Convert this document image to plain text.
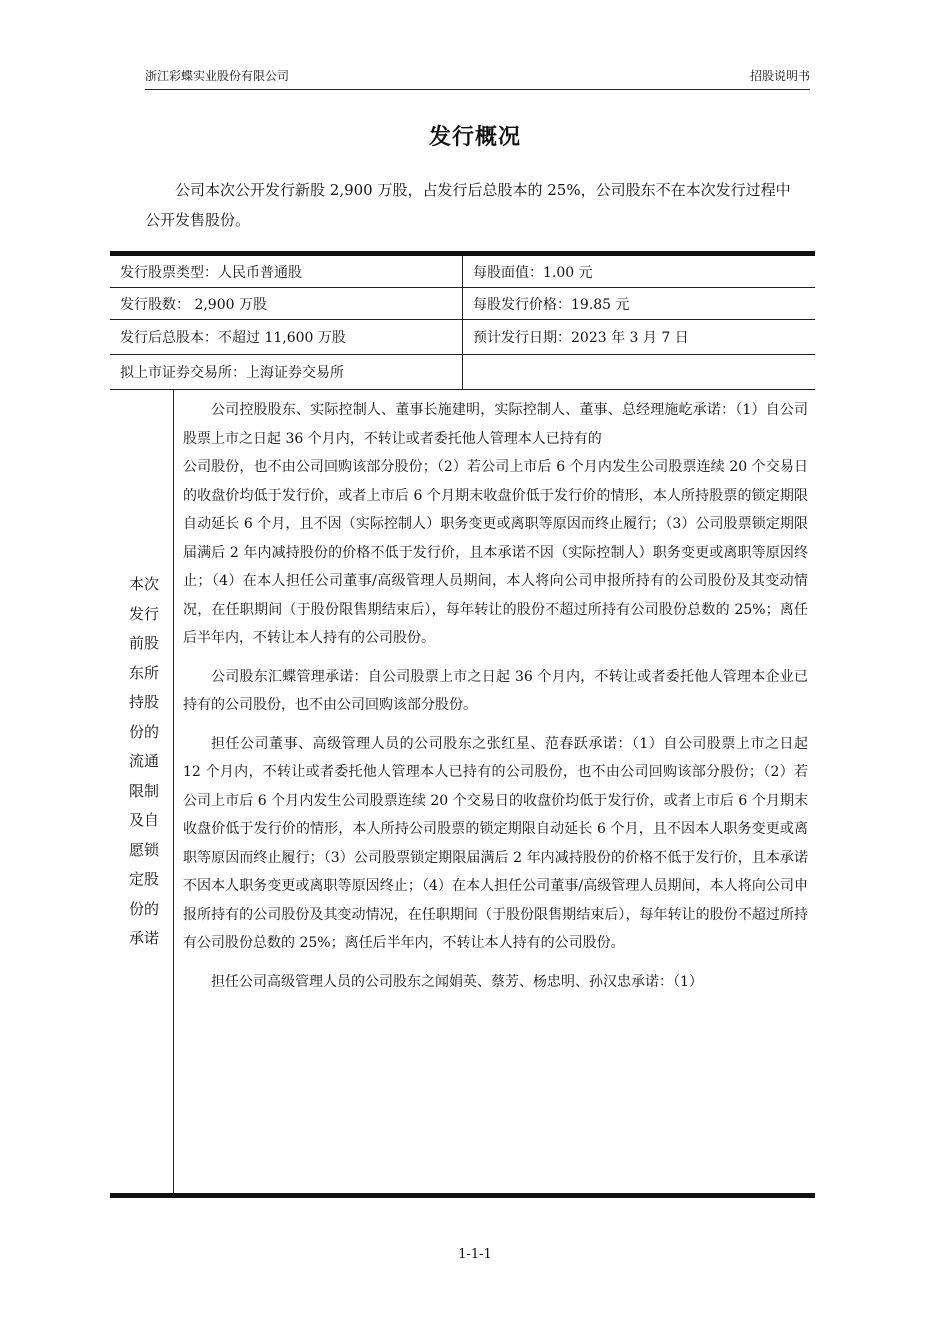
浙江彩蝶实业股份有限公司	招股说明书
发行概况
公司本次公开发行新股 2,900 万股，占发行后总股本的 25%，公司股东不在本次发行过程中公开发售股份。
发行股票类型：人民币普通股	每股面值：1.00 元
发行股数： 2,900 万股	每股发行价格：19.85 元
发行后总股本：不超过 11,600 万股	预计发行日期：2023 年 3 月 7 日
拟上市证券交易所：上海证券交易所	
本次发行前股东所持股份的流通限制及自愿锁定股份的承诺

公司控股股东、实际控制人、董事长施建明，实际控制人、董事、总经理施屹承诺：（1）自公司股票上市之日起 36 个月内，不转让或者委托他人管理本人已持有的

公司股份，也不由公司回购该部分股份；（2）若公司上市后 6 个月内发生公司股票连续 20 个交易日的收盘价均低于发行价，或者上市后 6 个月期末收盘价低于发行价的情形，本人所持股票的锁定期限自动延长 6 个月，且不因（实际控制人）职务变更或离职等原因而终止履行；（3）公司股票锁定期限届满后 2 年内减持股份的价格不低于发行价，且本承诺不因（实际控制人）职务变更或离职等原因终止；（4）在本人担任公司董事/高级管理人员期间，本人将向公司申报所持有的公司股份及其变动情况，在任职期间（于股份限售期结束后），每年转让的股份不超过所持有公司股份总数的 25%；离任后半年内，不转让本人持有的公司股份。

公司股东汇蝶管理承诺：自公司股票上市之日起 36 个月内，不转让或者委托他人管理本企业已持有的公司股份，也不由公司回购该部分股份。

担任公司董事、高级管理人员的公司股东之张红星、范春跃承诺：（1）自公司股票上市之日起 12 个月内，不转让或者委托他人管理本人已持有的公司股份，也不由公司回购该部分股份；（2）若公司上市后 6 个月内发生公司股票连续 20 个交易日的收盘价均低于发行价，或者上市后 6 个月期末收盘价低于发行价的情形，本人所持公司股票的锁定期限自动延长 6 个月，且不因本人职务变更或离职等原因而终止履行；（3）公司股票锁定期限届满后 2 年内减持股份的价格不低于发行价，且本承诺不因本人职务变更或离职等原因终止；（4）在本人担任公司董事/高级管理人员期间，本人将向公司申报所持有的公司股份及其变动情况，在任职期间（于股份限售期结束后），每年转让的股份不超过所持有公司股份总数的 25%；离任后半年内，不转让本人持有的公司股份。

担任公司高级管理人员的公司股东之闻娟英、蔡芳、杨忠明、孙汉忠承诺：（1）

1-1-1
